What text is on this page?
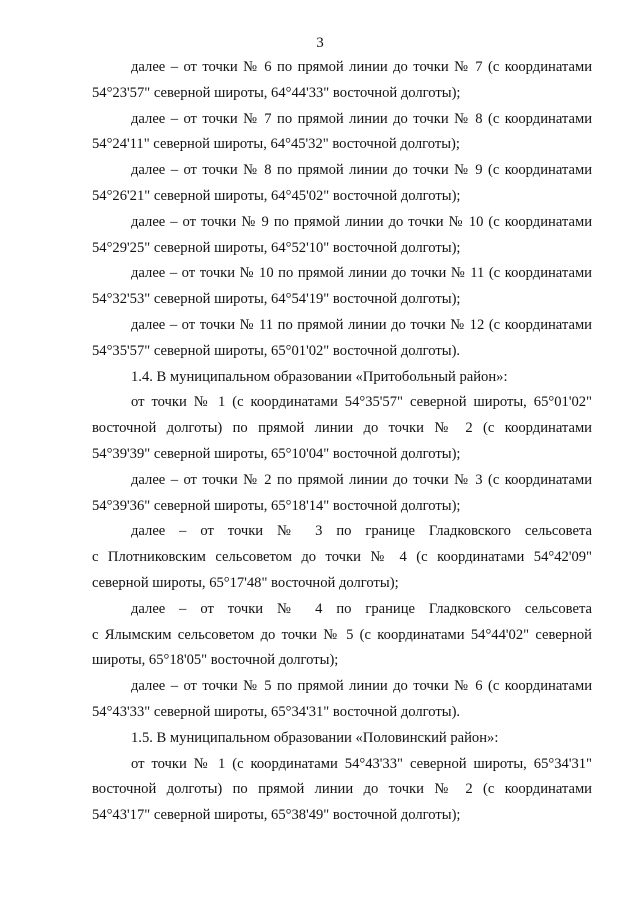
3
далее – от точки № 6 по прямой линии до точки № 7 (с координатами
54°23'57" северной широты, 64°44'33" восточной долготы);
далее – от точки № 7 по прямой линии до точки № 8 (с координатами
54°24'11" северной широты, 64°45'32" восточной долготы);
далее – от точки № 8 по прямой линии до точки № 9 (с координатами
54°26'21" северной широты, 64°45'02" восточной долготы);
далее – от точки № 9 по прямой линии до точки № 10 (с координатами
54°29'25" северной широты, 64°52'10" восточной долготы);
далее – от точки № 10 по прямой линии до точки № 11 (с координатами
54°32'53" северной широты, 64°54'19" восточной долготы);
далее – от точки № 11 по прямой линии до точки № 12 (с координатами
54°35'57" северной широты, 65°01'02" восточной долготы).
1.4. В муниципальном образовании «Притобольный район»:
от точки № 1 (с координатами 54°35'57" северной широты, 65°01'02"
восточной долготы) по прямой линии до точки № 2 (с координатами
54°39'39" северной широты, 65°10'04" восточной долготы);
далее – от точки № 2 по прямой линии до точки № 3 (с координатами
54°39'36" северной широты, 65°18'14" восточной долготы);
далее – от точки № 3 по границе Гладковского сельсовета
с Плотниковским сельсоветом до точки № 4 (с координатами 54°42'09"
северной широты, 65°17'48" восточной долготы);
далее – от точки № 4 по границе Гладковского сельсовета
с Ялымским сельсоветом до точки № 5 (с координатами 54°44'02" северной
широты, 65°18'05" восточной долготы);
далее – от точки № 5 по прямой линии до точки № 6 (с координатами
54°43'33" северной широты, 65°34'31" восточной долготы).
1.5. В муниципальном образовании «Половинский район»:
от точки № 1 (с координатами 54°43'33" северной широты, 65°34'31"
восточной долготы) по прямой линии до точки № 2 (с координатами
54°43'17" северной широты, 65°38'49" восточной долготы);
